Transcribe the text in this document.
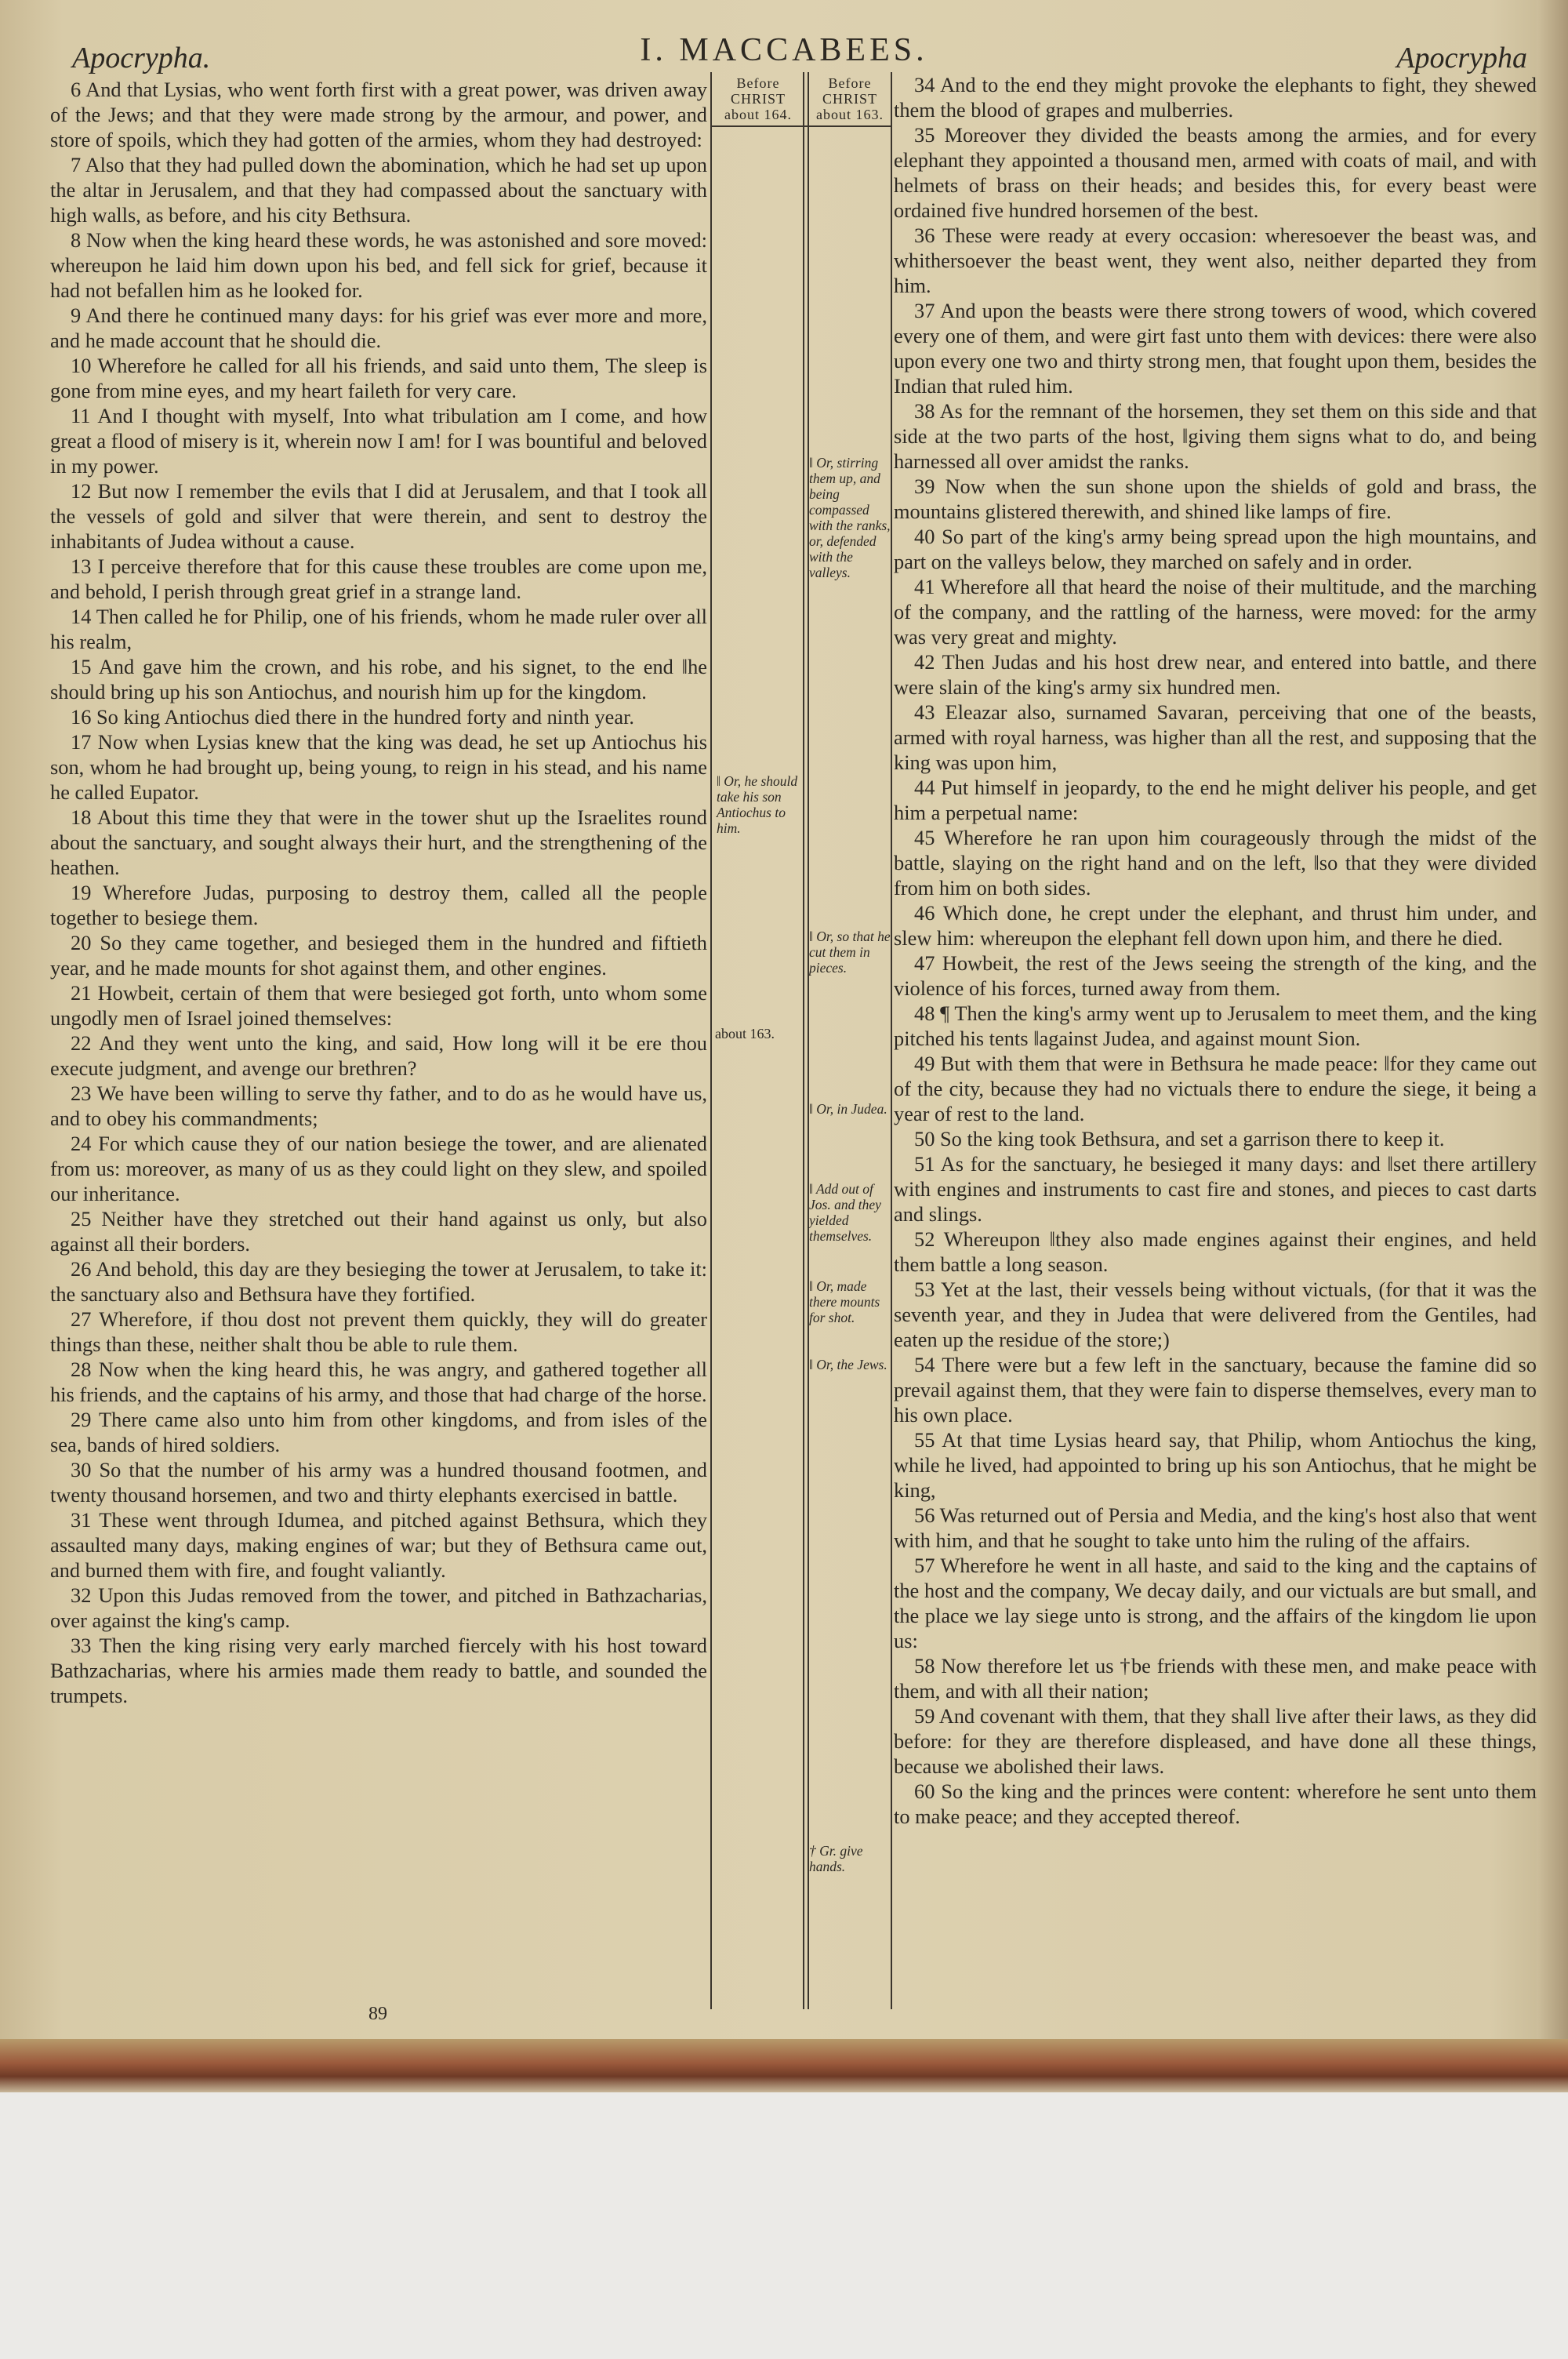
Apocrypha.	I. MACCABEES.	Apocrypha
Before
CHRIST
about 164.
Before
CHRIST
about 163.
about 163.
‖ Or, stirring them up, and being compassed with the ranks, or, defended with the valleys.
‖ Or, he should take his son Antiochus to him.
‖ Or, so that he cut them in pieces.
‖ Or, in Judea.
‖ Add out of Jos. and they yielded themselves.
‖ Or, made there mounts for shot.
‖ Or, the Jews.
† Gr. give hands.

6 And that Lysias, who went forth first with a great power, was driven away of the Jews; and that they were made strong by the armour, and power, and store of spoils, which they had gotten of the armies, whom they had destroyed:

7 Also that they had pulled down the abomination, which he had set up upon the altar in Jerusalem, and that they had compassed about the sanctuary with high walls, as before, and his city Bethsura.

8 Now when the king heard these words, he was astonished and sore moved: whereupon he laid him down upon his bed, and fell sick for grief, because it had not befallen him as he looked for.

9 And there he continued many days: for his grief was ever more and more, and he made account that he should die.

10 Wherefore he called for all his friends, and said unto them, The sleep is gone from mine eyes, and my heart faileth for very care.

11 And I thought with myself, Into what tribulation am I come, and how great a flood of misery is it, wherein now I am! for I was bountiful and beloved in my power.

12 But now I remember the evils that I did at Jerusalem, and that I took all the vessels of gold and silver that were therein, and sent to destroy the inhabitants of Judea without a cause.

13 I perceive therefore that for this cause these troubles are come upon me, and behold, I perish through great grief in a strange land.

14 Then called he for Philip, one of his friends, whom he made ruler over all his realm,

15 And gave him the crown, and his robe, and his signet, to the end ‖he should bring up his son Antiochus, and nourish him up for the kingdom.

16 So king Antiochus died there in the hundred forty and ninth year.

17 Now when Lysias knew that the king was dead, he set up Antiochus his son, whom he had brought up, being young, to reign in his stead, and his name he called Eupator.

18 About this time they that were in the tower shut up the Israelites round about the sanctuary, and sought always their hurt, and the strengthening of the heathen.

19 Wherefore Judas, purposing to destroy them, called all the people together to besiege them.

20 So they came together, and besieged them in the hundred and fiftieth year, and he made mounts for shot against them, and other engines.

21 Howbeit, certain of them that were besieged got forth, unto whom some ungodly men of Israel joined themselves:

22 And they went unto the king, and said, How long will it be ere thou execute judgment, and avenge our brethren?

23 We have been willing to serve thy father, and to do as he would have us, and to obey his commandments;

24 For which cause they of our nation besiege the tower, and are alienated from us: moreover, as many of us as they could light on they slew, and spoiled our inheritance.

25 Neither have they stretched out their hand against us only, but also against all their borders.

26 And behold, this day are they besieging the tower at Jerusalem, to take it: the sanctuary also and Bethsura have they fortified.

27 Wherefore, if thou dost not prevent them quickly, they will do greater things than these, neither shalt thou be able to rule them.

28 Now when the king heard this, he was angry, and gathered together all his friends, and the captains of his army, and those that had charge of the horse.

29 There came also unto him from other kingdoms, and from isles of the sea, bands of hired soldiers.

30 So that the number of his army was a hundred thousand footmen, and twenty thousand horsemen, and two and thirty elephants exercised in battle.

31 These went through Idumea, and pitched against Bethsura, which they assaulted many days, making engines of war; but they of Bethsura came out, and burned them with fire, and fought valiantly.

32 Upon this Judas removed from the tower, and pitched in Bathzacharias, over against the king's camp.

33 Then the king rising very early marched fiercely with his host toward Bathzacharias, where his armies made them ready to battle, and sounded the trumpets.

34 And to the end they might provoke the elephants to fight, they shewed them the blood of grapes and mulberries.

35 Moreover they divided the beasts among the armies, and for every elephant they appointed a thousand men, armed with coats of mail, and with helmets of brass on their heads; and besides this, for every beast were ordained five hundred horsemen of the best.

36 These were ready at every occasion: wheresoever the beast was, and whithersoever the beast went, they went also, neither departed they from him.

37 And upon the beasts were there strong towers of wood, which covered every one of them, and were girt fast unto them with devices: there were also upon every one two and thirty strong men, that fought upon them, besides the Indian that ruled him.

38 As for the remnant of the horsemen, they set them on this side and that side at the two parts of the host, ‖giving them signs what to do, and being harnessed all over amidst the ranks.

39 Now when the sun shone upon the shields of gold and brass, the mountains glistered therewith, and shined like lamps of fire.

40 So part of the king's army being spread upon the high mountains, and part on the valleys below, they marched on safely and in order.

41 Wherefore all that heard the noise of their multitude, and the marching of the company, and the rattling of the harness, were moved: for the army was very great and mighty.

42 Then Judas and his host drew near, and entered into battle, and there were slain of the king's army six hundred men.

43 Eleazar also, surnamed Savaran, perceiving that one of the beasts, armed with royal harness, was higher than all the rest, and supposing that the king was upon him,

44 Put himself in jeopardy, to the end he might deliver his people, and get him a perpetual name:

45 Wherefore he ran upon him courageously through the midst of the battle, slaying on the right hand and on the left, ‖so that they were divided from him on both sides.

46 Which done, he crept under the elephant, and thrust him under, and slew him: whereupon the elephant fell down upon him, and there he died.

47 Howbeit, the rest of the Jews seeing the strength of the king, and the violence of his forces, turned away from them.

48 ¶ Then the king's army went up to Jerusalem to meet them, and the king pitched his tents ‖against Judea, and against mount Sion.

49 But with them that were in Bethsura he made peace: ‖for they came out of the city, because they had no victuals there to endure the siege, it being a year of rest to the land.

50 So the king took Bethsura, and set a garrison there to keep it.

51 As for the sanctuary, he besieged it many days: and ‖set there artillery with engines and instruments to cast fire and stones, and pieces to cast darts and slings.

52 Whereupon ‖they also made engines against their engines, and held them battle a long season.

53 Yet at the last, their vessels being without victuals, (for that it was the seventh year, and they in Judea that were delivered from the Gentiles, had eaten up the residue of the store;)

54 There were but a few left in the sanctuary, because the famine did so prevail against them, that they were fain to disperse themselves, every man to his own place.

55 At that time Lysias heard say, that Philip, whom Antiochus the king, while he lived, had appointed to bring up his son Antiochus, that he might be king,

56 Was returned out of Persia and Media, and the king's host also that went with him, and that he sought to take unto him the ruling of the affairs.

57 Wherefore he went in all haste, and said to the king and the captains of the host and the company, We decay daily, and our victuals are but small, and the place we lay siege unto is strong, and the affairs of the kingdom lie upon us:

58 Now therefore let us †be friends with these men, and make peace with them, and with all their nation;

59 And covenant with them, that they shall live after their laws, as they did before: for they are therefore displeased, and have done all these things, because we abolished their laws.

60 So the king and the princes were content: wherefore he sent unto them to make peace; and they accepted thereof.

89
